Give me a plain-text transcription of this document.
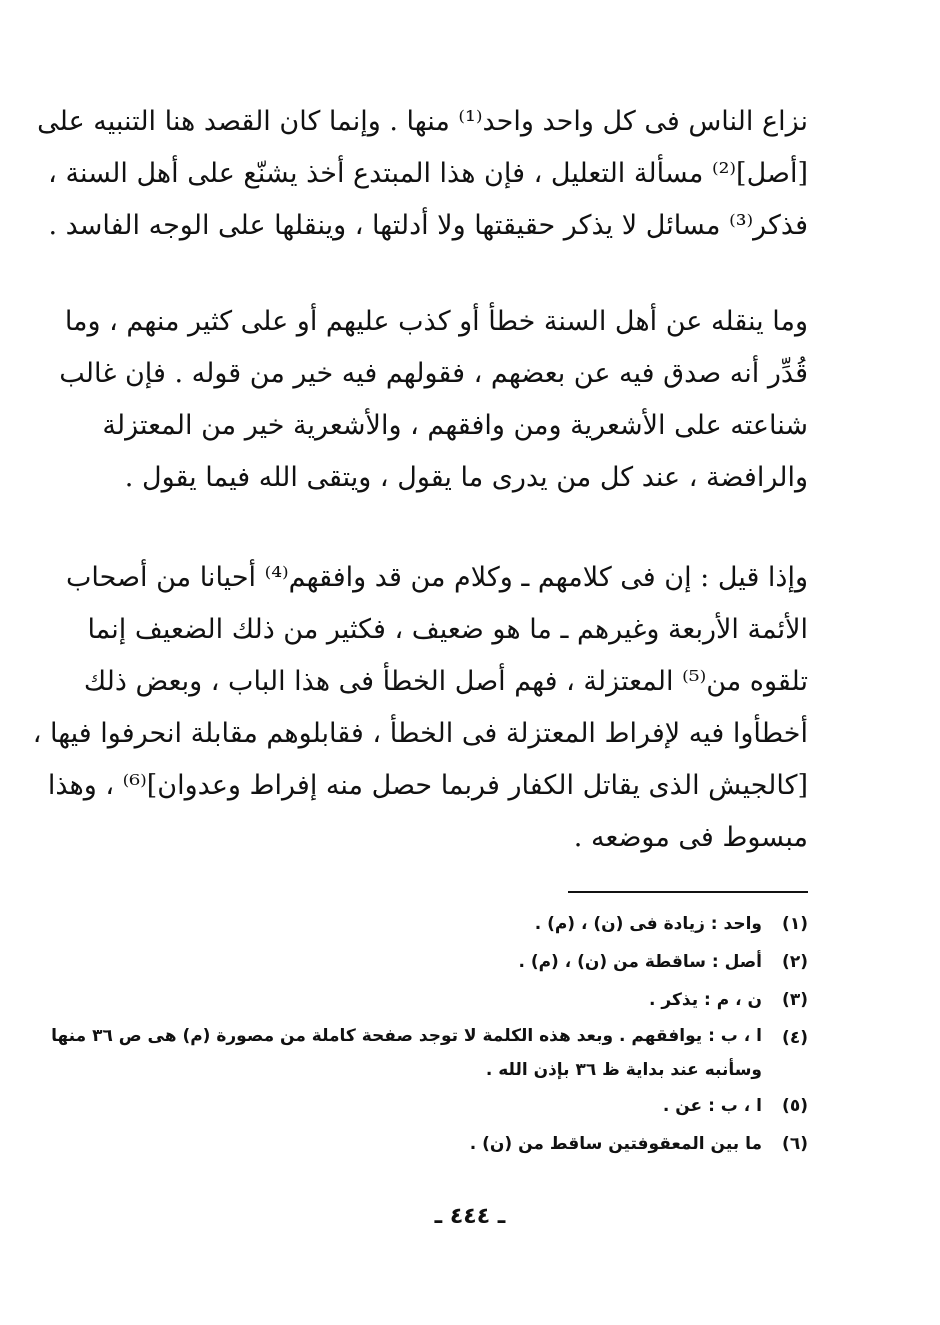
نزاع الناس فى كل واحد واحد⁽¹⁾ منها . وإنما كان القصد هنا التنبيه على
[أصل]⁽²⁾ مسألة التعليل ، فإن هذا المبتدع أخذ يشنّع على أهل السنة ،
فذكر⁽³⁾ مسائل لا يذكر حقيقتها ولا أدلتها ، وينقلها على الوجه الفاسد .
وما ينقله عن أهل السنة خطأ أو كذب عليهم أو على كثير منهم ، وما
قُدِّر أنه صدق فيه عن بعضهم ، فقولهم فيه خير من قوله . فإن غالب
شناعته على الأشعرية ومن وافقهم ، والأشعرية خير من المعتزلة
والرافضة ، عند كل من يدرى ما يقول ، ويتقى الله فيما يقول .
وإذا قيل : إن فى كلامهم ـ وكلام من قد وافقهم⁽⁴⁾ أحيانا من أصحاب
الأئمة الأربعة وغيرهم ـ ما هو ضعيف ، فكثير من ذلك الضعيف إنما
تلقوه من⁽⁵⁾ المعتزلة ، فهم أصل الخطأ فى هذا الباب ، وبعض ذلك
أخطأوا فيه لإفراط المعتزلة فى الخطأ ، فقابلوهم مقابلة انحرفوا فيها ،
[كالجيش الذى يقاتل الكفار فربما حصل منه إفراط وعدوان]⁽⁶⁾ ، وهذا
مبسوط فى موضعه .
(١)
واحد : زيادة فى (ن) ، (م) .
(٢)
أصل : ساقطة من (ن) ، (م) .
(٣)
ن ، م : يذكر .
(٤)
ا ، ب : يوافقهم . وبعد هذه الكلمة لا توجد صفحة كاملة من مصورة (م) هى ص ٣٦ منها
وسأنبه عند بداية ظ ٣٦ بإذن الله .
(٥)
ا ، ب : عن .
(٦)
ما بين المعقوفتين ساقط من (ن) .
ـ ٤٤٤ ـ
